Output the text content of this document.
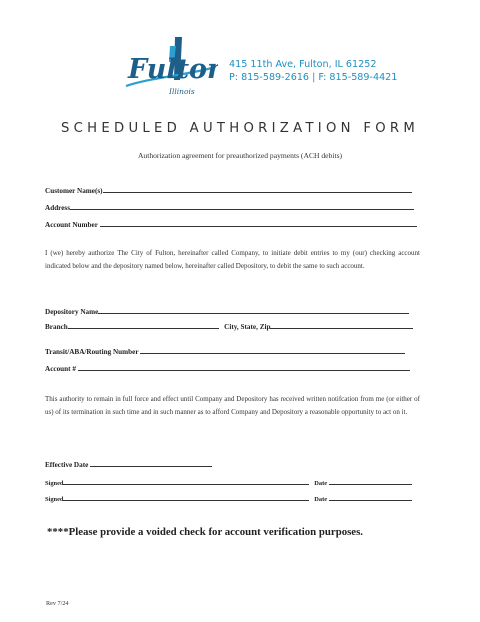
Fulton
Illinois
415 11th Ave, Fulton, IL 61252
P: 815-589-2616 | F: 815-589-4421
SCHEDULED AUTHORIZATION FORM
Authorization agreement for preauthorized payments (ACH debits)
Customer Name(s)
Address
Account Number
I (we) hereby authorize The City of Fulton, hereinafter called Company, to initiate debit entries to my (our) checking account indicated below and the depository named below, hereinafter called Depository, to debit the same to such account.
Depository Name
Branch	City, State, Zip
Transit/ABA/Routing Number
Account #
This authority to remain in full force and effect until Company and Depository has received written notifcation from me (or either of us) of its termination in such time and in such manner as to afford Company and Depository a reasonable opportunity to act on it.
Effective Date
Signed	Date
Signed	Date
****Please provide a voided check for account verification purposes.
Rev 7/24
